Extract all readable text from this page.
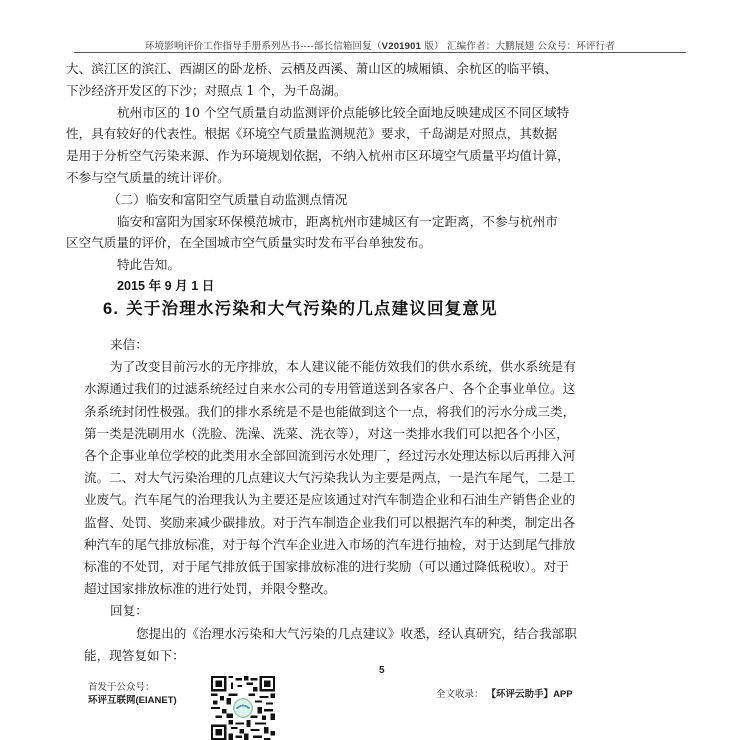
环境影响评价工作指导手册系列丛书----部长信箱回复（V201901 版） 汇编作者：大鹏展翅 公众号：环评行者

大、滨江区的滨江、西湖区的卧龙桥、云栖及西溪、萧山区的城厢镇、余杭区的临平镇、

下沙经济开发区的下沙；对照点 1 个，为千岛湖。

杭州市区的 10 个空气质量自动监测评价点能够比较全面地反映建成区不同区域特

性，具有较好的代表性。根据《环境空气质量监测规范》要求，千岛湖是对照点，其数据

是用于分析空气污染来源、作为环境规划依据，不纳入杭州市区环境空气质量平均值计算，

不参与空气质量的统计评价。

（二）临安和富阳空气质量自动监测点情况

临安和富阳为国家环保模范城市，距离杭州市建城区有一定距离，不参与杭州市

区空气质量的评价，在全国城市空气质量实时发布平台单独发布。

特此告知。

2015 年 9 月 1 日

6. 关于治理水污染和大气污染的几点建议回复意见

来信：

为了改变目前污水的无序排放，本人建议能不能仿效我们的供水系统，供水系统是有

水源通过我们的过滤系统经过自来水公司的专用管道送到各家各户、各个企事业单位。这

条系统封闭性极强。我们的排水系统是不是也能做到这个一点，将我们的污水分成三类，

第一类是洗刷用水（洗脸、洗澡、洗菜、洗衣等），对这一类排水我们可以把各个小区，

各个企事业单位学校的此类用水全部回流到污水处理厂，经过污水处理达标以后再排入河

流。二、对大气污染治理的几点建议大气污染我认为主要是两点，一是汽车尾气，二是工

业废气。汽车尾气的治理我认为主要还是应该通过对汽车制造企业和石油生产销售企业的

监督、处罚、奖励来减少碳排放。对于汽车制造企业我们可以根据汽车的种类，制定出各

种汽车的尾气排放标准，对于每个汽车企业进入市场的汽车进行抽检，对于达到尾气排放

标准的不处罚，对于尾气排放低于国家排放标准的进行奖励（可以通过降低税收）。对于

超过国家排放标准的进行处罚，并限令整改。

回复：

您提出的《治理水污染和大气污染的几点建议》收悉，经认真研究，结合我部职

能，现答复如下：

5
首发于公众号：
环评互联网(EIANET)
全文收录： 【环评云助手】APP
